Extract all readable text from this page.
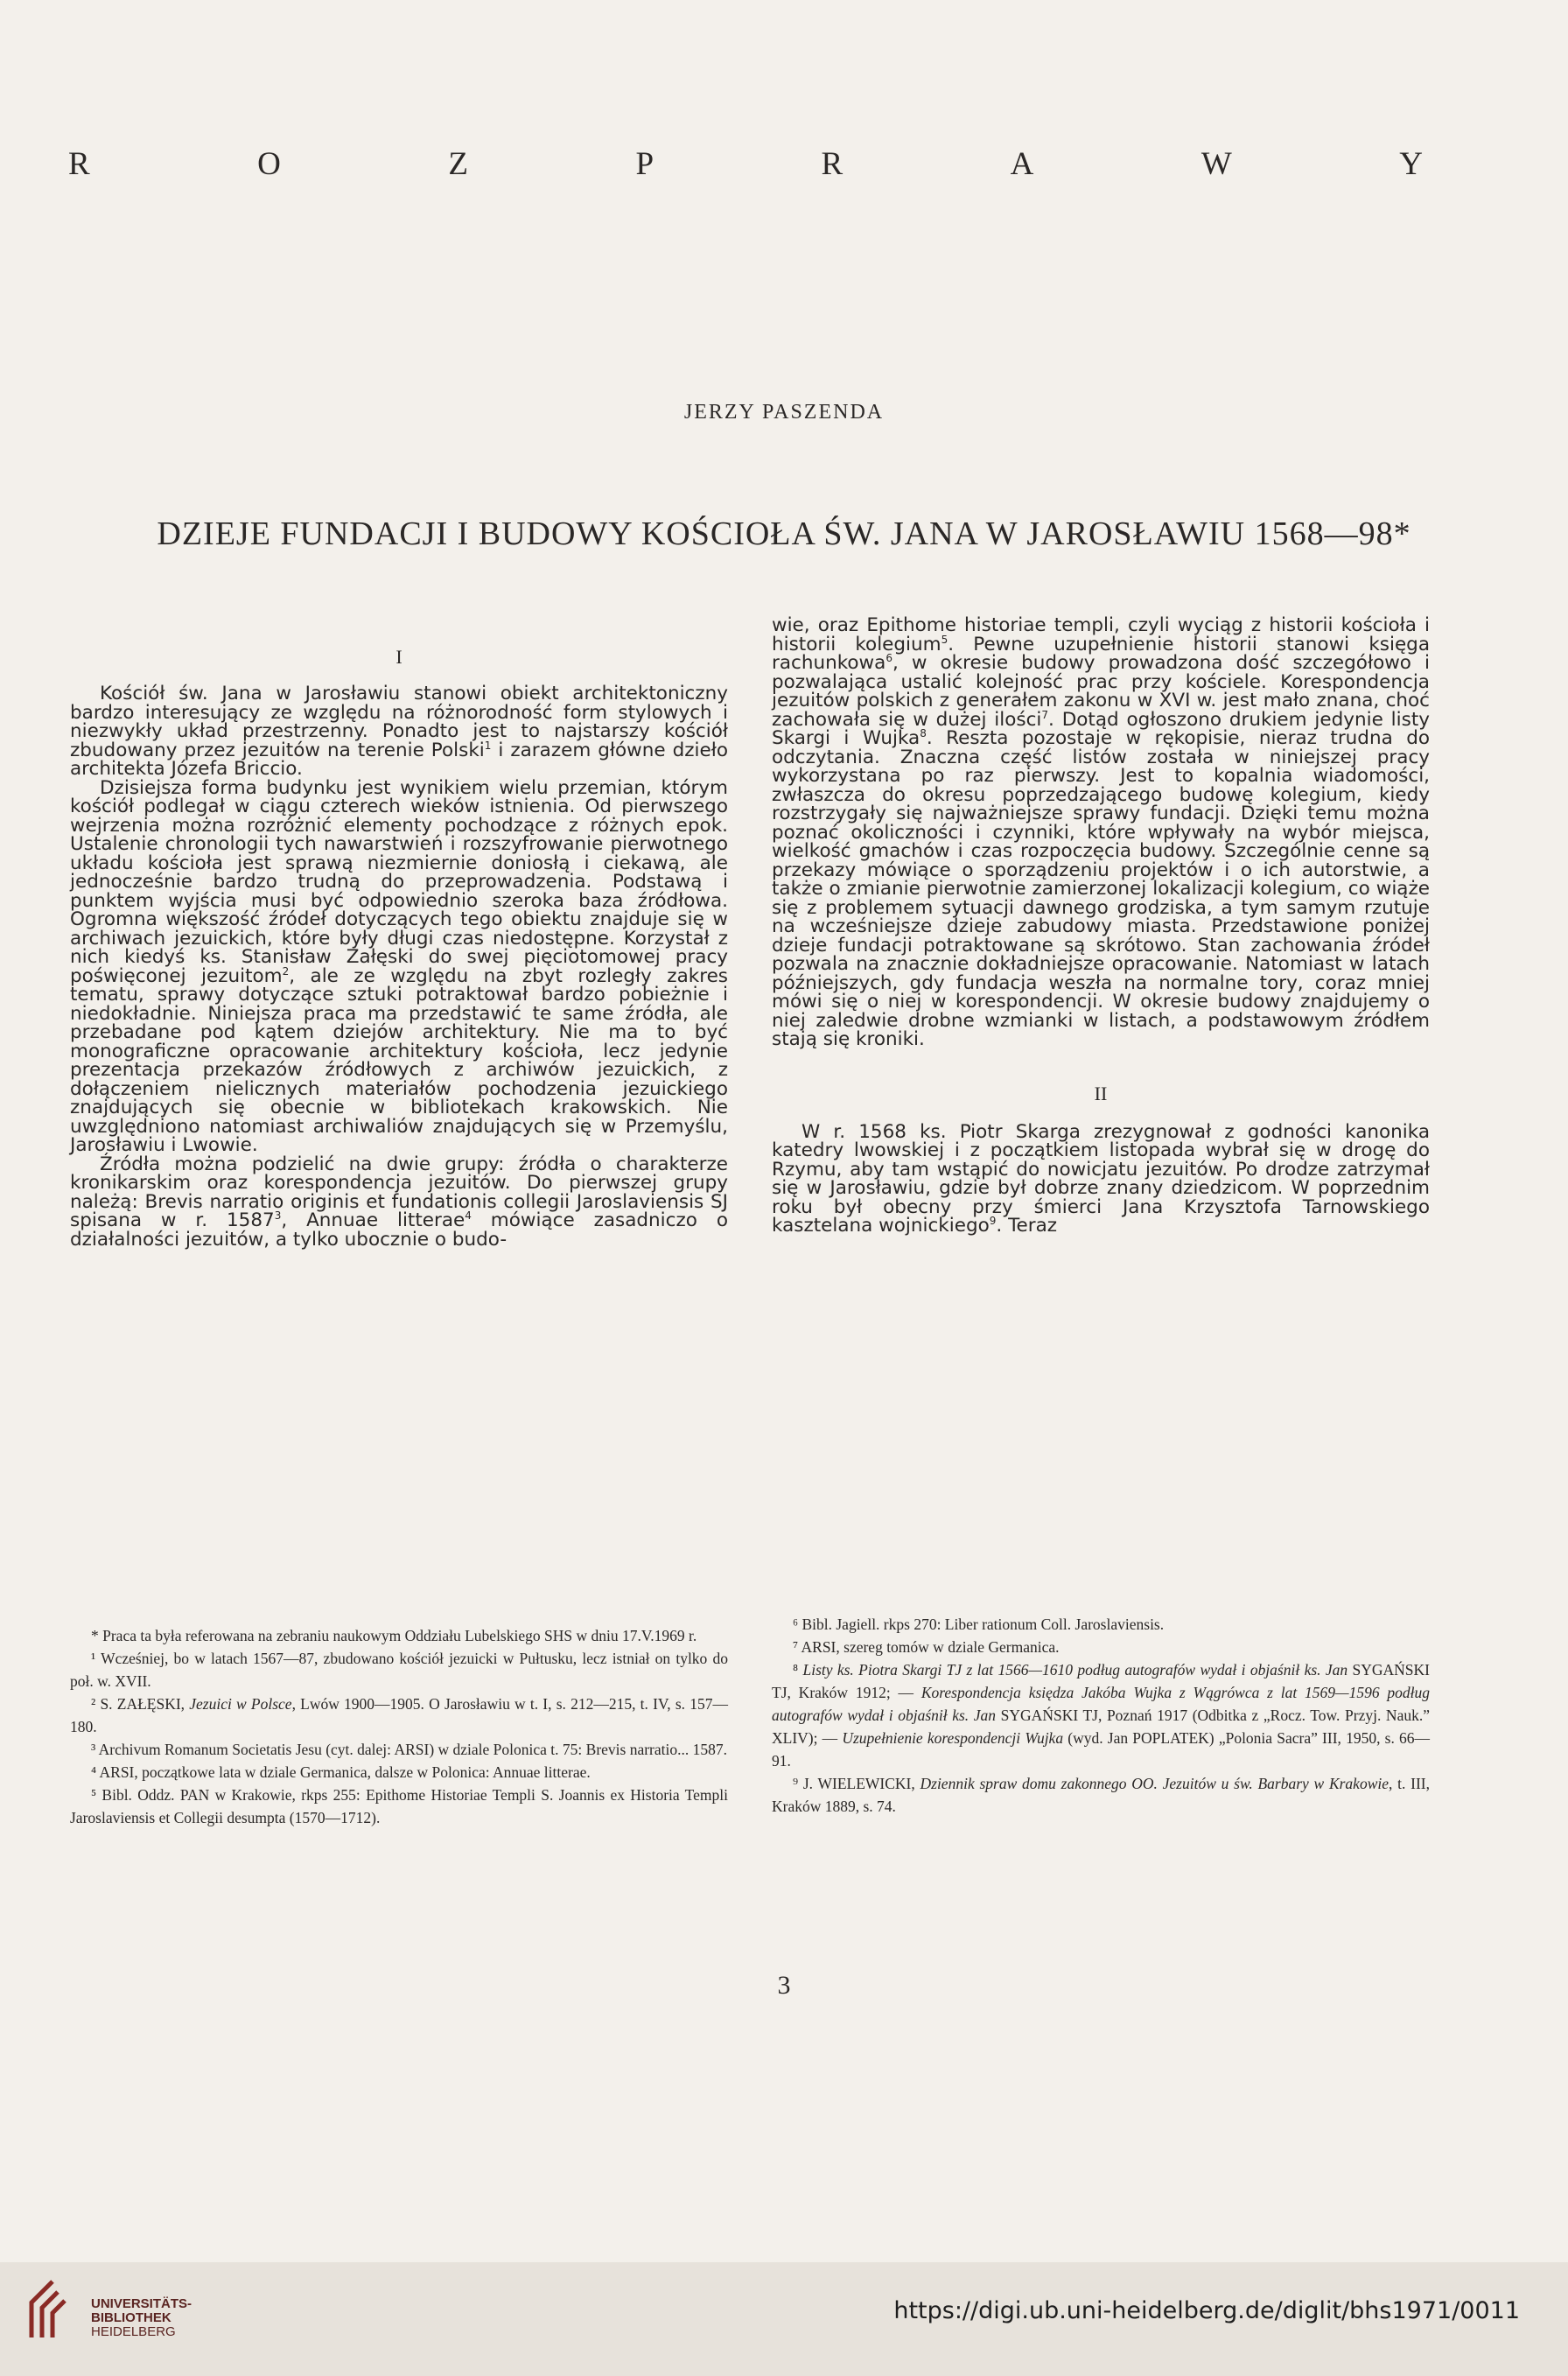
R	O	Z	P	R	A	W	Y
JERZY PASZENDA
DZIEJE FUNDACJI I BUDOWY KOŚCIOŁA ŚW. JANA W JAROSŁAWIU 1568—98*
I

Kościół św. Jana w Jarosławiu stanowi obiekt architektoniczny bardzo interesujący ze względu na różnorodność form stylowych i niezwykły układ przestrzenny. Ponadto jest to najstarszy kościół zbudowany przez jezuitów na terenie Polski$^1$ i zarazem główne dzieło architekta Józefa Briccio.

Dzisiejsza forma budynku jest wynikiem wielu przemian, którym kościół podlegał w ciągu czterech wieków istnienia. Od pierwszego wejrzenia można rozróżnić elementy pochodzące z różnych epok. Ustalenie chronologii tych nawarstwień i rozszyfrowanie pierwotnego układu kościoła jest sprawą niezmiernie doniosłą i ciekawą, ale jednocześnie bardzo trudną do przeprowadzenia. Podstawą i punktem wyjścia musi być odpowiednio szeroka baza źródłowa. Ogromna większość źródeł dotyczących tego obiektu znajduje się w archiwach jezuickich, które były długi czas niedostępne. Korzystał z nich kiedyś ks. Stanisław Załęski do swej pięciotomowej pracy poświęconej jezuitom$^2$, ale ze względu na zbyt rozległy zakres tematu, sprawy dotyczące sztuki potraktował bardzo pobieżnie i niedokładnie. Niniejsza praca ma przedstawić te same źródła, ale przebadane pod kątem dziejów architektury. Nie ma to być monograficzne opracowanie architektury kościoła, lecz jedynie prezentacja przekazów źródłowych z archiwów jezuickich, z dołączeniem nielicznych materiałów pochodzenia jezuickiego znajdujących się obecnie w bibliotekach krakowskich. Nie uwzględniono natomiast archiwaliów znajdujących się w Przemyślu, Jarosławiu i Lwowie.

Źródła można podzielić na dwie grupy: źródła o charakterze kronikarskim oraz korespondencja jezuitów. Do pierwszej grupy należą: Brevis narratio originis et fundationis collegii Jaroslaviensis SJ spisana w r. 1587$^3$, Annuae litterae$^4$ mówiące zasadniczo o działalności jezuitów, a tylko ubocznie o budo-

wie, oraz Epithome historiae templi, czyli wyciąg z historii kościoła i historii kolegium$^5$. Pewne uzupełnienie historii stanowi księga rachunkowa$^6$, w okresie budowy prowadzona dość szczegółowo i pozwalająca ustalić kolejność prac przy kościele. Korespondencja jezuitów polskich z generałem zakonu w XVI w. jest mało znana, choć zachowała się w dużej ilości$^7$. Dotąd ogłoszono drukiem jedynie listy Skargi i Wujka$^8$. Reszta pozostaje w rękopisie, nieraz trudna do odczytania. Znaczna część listów została w niniejszej pracy wykorzystana po raz pierwszy. Jest to kopalnia wiadomości, zwłaszcza do okresu poprzedzającego budowę kolegium, kiedy rozstrzygały się najważniejsze sprawy fundacji. Dzięki temu można poznać okoliczności i czynniki, które wpływały na wybór miejsca, wielkość gmachów i czas rozpoczęcia budowy. Szczególnie cenne są przekazy mówiące o sporządzeniu projektów i o ich autorstwie, a także o zmianie pierwotnie zamierzonej lokalizacji kolegium, co wiąże się z problemem sytuacji dawnego grodziska, a tym samym rzutuje na wcześniejsze dzieje zabudowy miasta. Przedstawione poniżej dzieje fundacji potraktowane są skrótowo. Stan zachowania źródeł pozwala na znacznie dokładniejsze opracowanie. Natomiast w latach późniejszych, gdy fundacja weszła na normalne tory, coraz mniej mówi się o niej w korespondencji. W okresie budowy znajdujemy o niej zaledwie drobne wzmianki w listach, a podstawowym źródłem stają się kroniki.

II

W r. 1568 ks. Piotr Skarga zrezygnował z godności kanonika katedry lwowskiej i z początkiem listopada wybrał się w drogę do Rzymu, aby tam wstąpić do nowicjatu jezuitów. Po drodze zatrzymał się w Jarosławiu, gdzie był dobrze znany dziedzicom. W poprzednim roku był obecny przy śmierci Jana Krzysztofa Tarnowskiego kasztelana wojnickiego$^9$. Teraz

* Praca ta była referowana na zebraniu naukowym Oddziału Lubelskiego SHS w dniu 17.V.1969 r.
¹ Wcześniej, bo w latach 1567—87, zbudowano kościół jezuicki w Pułtusku, lecz istniał on tylko do poł. w. XVII.
² S. ZAŁĘSKI, Jezuici w Polsce, Lwów 1900—1905. O Jarosławiu w t. I, s. 212—215, t. IV, s. 157—180.
³ Archivum Romanum Societatis Jesu (cyt. dalej: ARSI) w dziale Polonica t. 75: Brevis narratio... 1587.
⁴ ARSI, początkowe lata w dziale Germanica, dalsze w Polonica: Annuae litterae.
⁵ Bibl. Oddz. PAN w Krakowie, rkps 255: Epithome Historiae Templi S. Joannis ex Historia Templi Jaroslaviensis et Collegii desumpta (1570—1712).
⁶ Bibl. Jagiell. rkps 270: Liber rationum Coll. Jaroslaviensis.
⁷ ARSI, szereg tomów w dziale Germanica.
⁸ Listy ks. Piotra Skargi TJ z lat 1566—1610 podług autografów wydał i objaśnił ks. Jan SYGAŃSKI TJ, Kraków 1912; — Korespondencja księdza Jakóba Wujka z Wągrówca z lat 1569—1596 podług autografów wydał i objaśnił ks. Jan SYGAŃSKI TJ, Poznań 1917 (Odbitka z „Rocz. Tow. Przyj. Nauk.” XLIV); — Uzupełnienie korespondencji Wujka (wyd. Jan POPLATEK) „Polonia Sacra” III, 1950, s. 66—91.
⁹ J. WIELEWICKI, Dziennik spraw domu zakonnego OO. Jezuitów u św. Barbary w Krakowie, t. III, Kraków 1889, s. 74.
3
UNIVERSITÄTS-
BIBLIOTHEK
HEIDELBERG
https://digi.ub.uni-heidelberg.de/diglit/bhs1971/0011
